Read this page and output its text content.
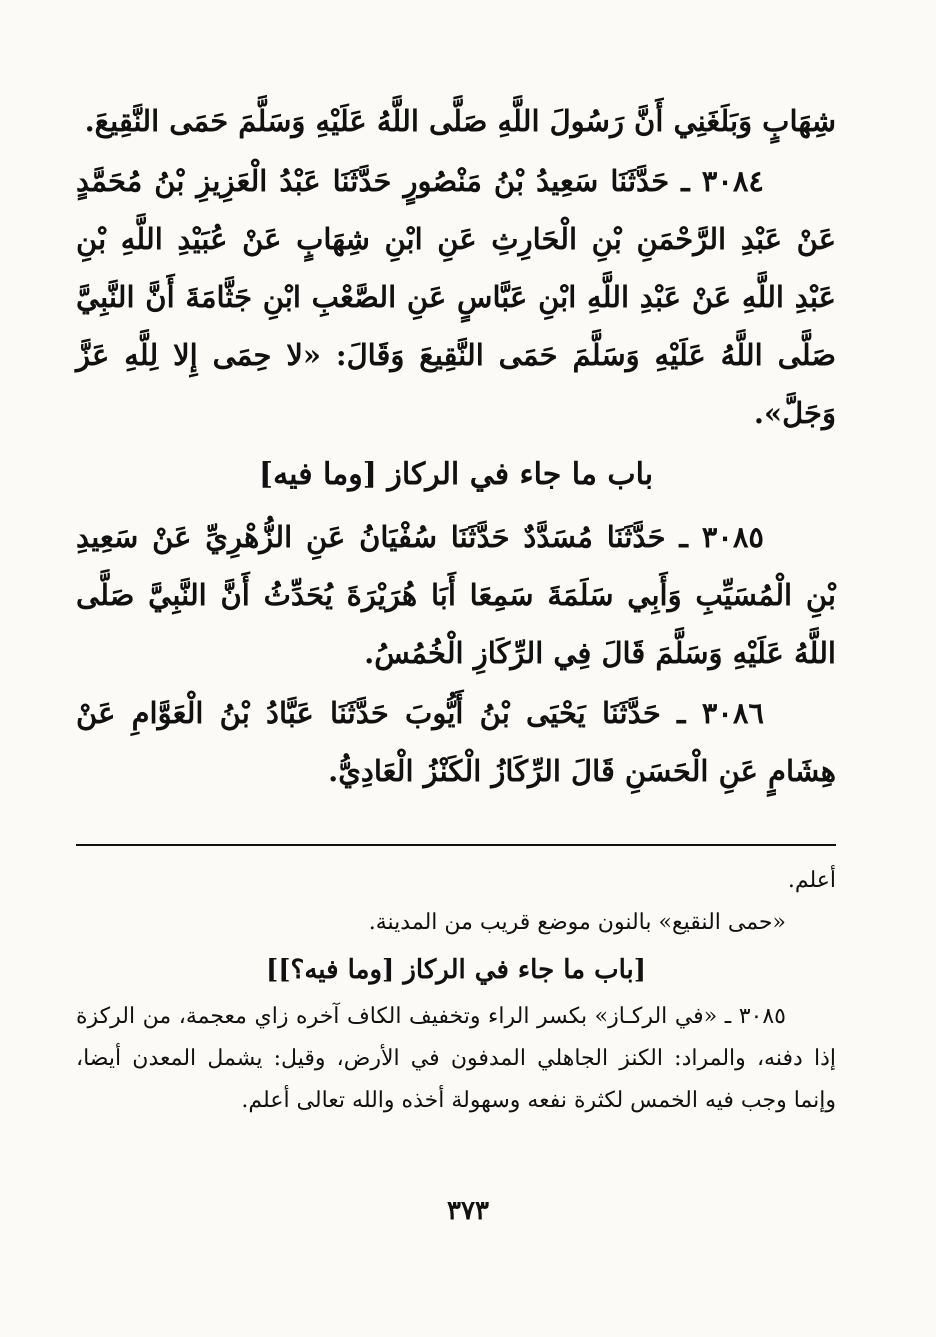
شِهَابٍ وَبَلَغَنِي أَنَّ رَسُولَ اللَّهِ صَلَّى اللَّهُ عَلَيْهِ وَسَلَّمَ حَمَى النَّقِيعَ.

٣٠٨٤ ـ حَدَّثَنَا سَعِيدُ بْنُ مَنْصُورٍ حَدَّثَنَا عَبْدُ الْعَزِيزِ بْنُ مُحَمَّدٍ عَنْ عَبْدِ الرَّحْمَنِ بْنِ الْحَارِثِ عَنِ ابْنِ شِهَابٍ عَنْ عُبَيْدِ اللَّهِ بْنِ عَبْدِ اللَّهِ عَنْ عَبْدِ اللَّهِ ابْنِ عَبَّاسٍ عَنِ الصَّعْبِ ابْنِ جَثَّامَةَ أَنَّ النَّبِيَّ صَلَّى اللَّهُ عَلَيْهِ وَسَلَّمَ حَمَى النَّقِيعَ وَقَالَ: «لا حِمَى إِلا لِلَّهِ عَزَّ وَجَلَّ».

باب ما جاء في الركاز [وما فيه]

٣٠٨٥ ـ حَدَّثَنَا مُسَدَّدٌ حَدَّثَنَا سُفْيَانُ عَنِ الزُّهْرِيِّ عَنْ سَعِيدِ بْنِ الْمُسَيِّبِ وَأَبِي سَلَمَةَ سَمِعَا أَبَا هُرَيْرَةَ يُحَدِّثُ أَنَّ النَّبِيَّ صَلَّى اللَّهُ عَلَيْهِ وَسَلَّمَ قَالَ فِي الرِّكَازِ الْخُمُسُ.

٣٠٨٦ ـ حَدَّثَنَا يَحْيَى بْنُ أَيُّوبَ حَدَّثَنَا عَبَّادُ بْنُ الْعَوَّامِ عَنْ هِشَامٍ عَنِ الْحَسَنِ قَالَ الرِّكَازُ الْكَنْزُ الْعَادِيُّ.

أعلم.

«حمى النقيع» بالنون موضع قريب من المدينة.

[باب ما جاء في الركاز [وما فيه؟]]

٣٠٨٥ ـ «في الركـاز» بكسر الراء وتخفيف الكاف آخره زاي معجمة، من الركزة إذا دفنه، والمراد: الكنز الجاهلي المدفون في الأرض، وقيل: يشمل المعدن أيضا، وإنما وجب فيه الخمس لكثرة نفعه وسهولة أخذه والله تعالى أعلم.

٣٧٣
